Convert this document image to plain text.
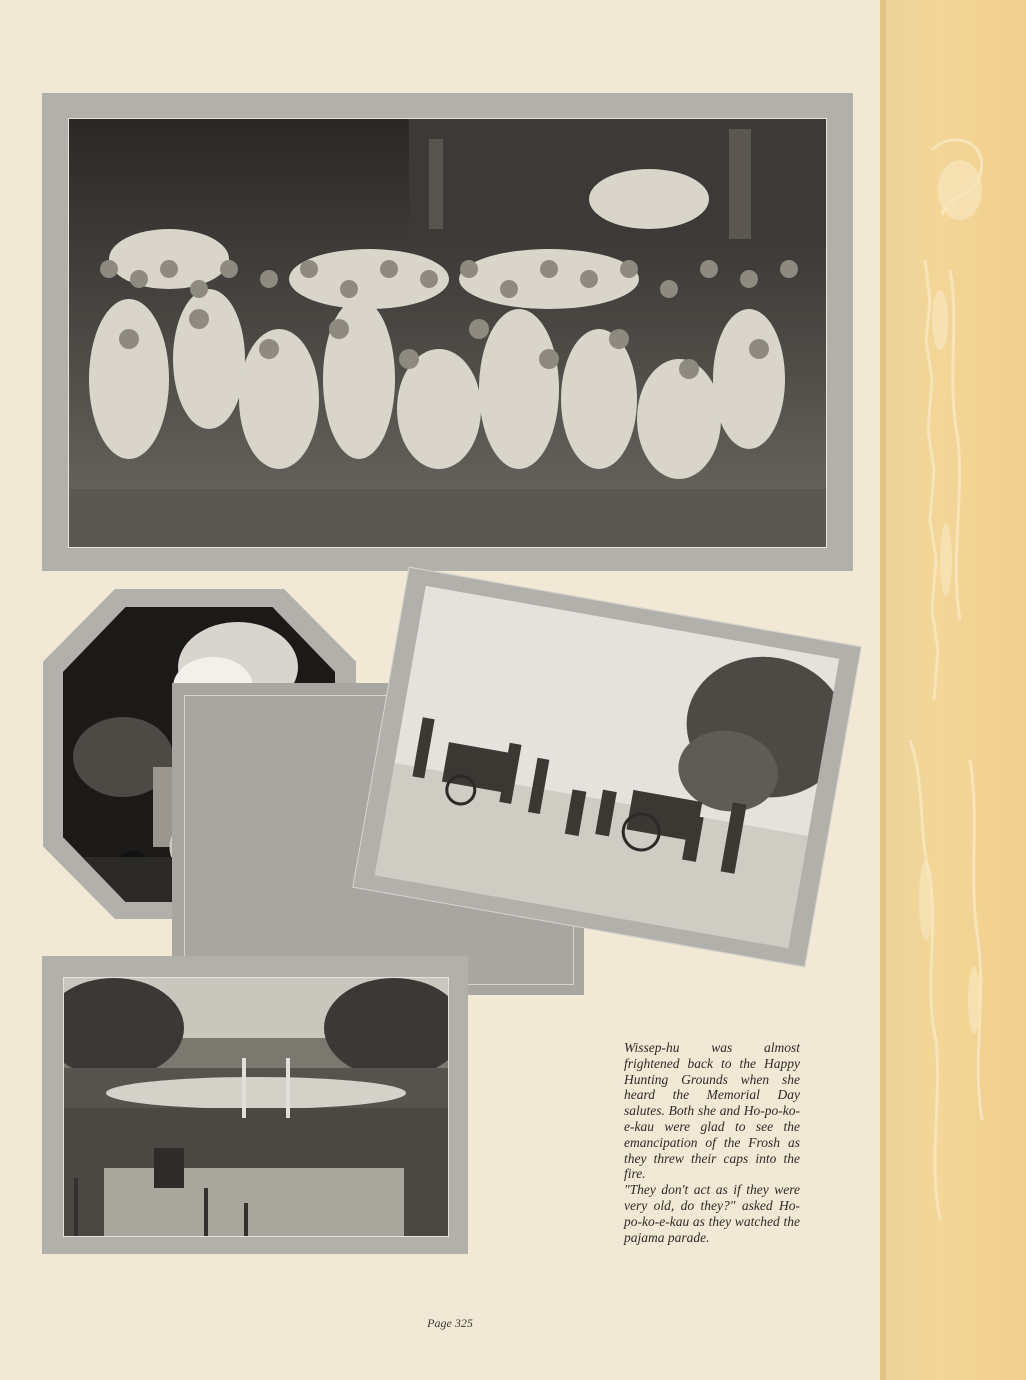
Wissep-hu was almost frightened back to the Happy Hunting Grounds when she heard the Memorial Day salutes. Both she and Ho-po-ko-e-kau were glad to see the emancipation of the Frosh as they threw their caps into the fire.

"They don't act as if they were very old, do they?" asked Ho-po-ko-e-kau as they watched the pajama parade.

Page 325
